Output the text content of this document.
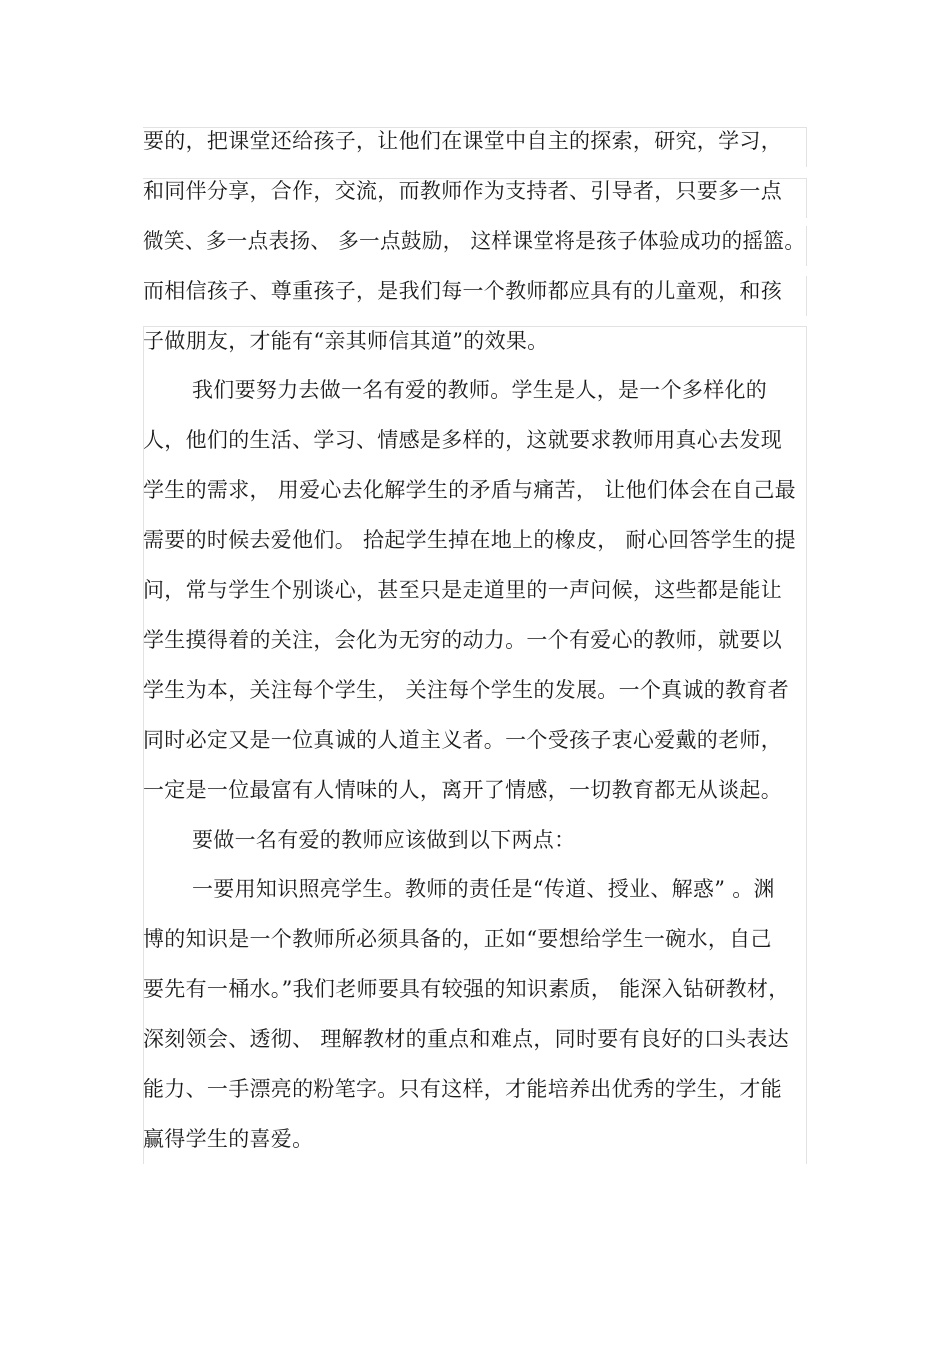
要的，把课堂还给孩子，让他们在课堂中自主的探索，研究，学习，
和同伴分享，合作，交流，而教师作为支持者、引导者，只要多一点
微笑、多一点表扬、 多一点鼓励， 这样课堂将是孩子体验成功的摇篮。
而相信孩子、尊重孩子，是我们每一个教师都应具有的儿童观，和孩
子做朋友，才能有“亲其师信其道”的效果。
我们要努力去做一名有爱的教师。学生是人，是一个多样化的
人，他们的生活、学习、情感是多样的，这就要求教师用真心去发现
学生的需求， 用爱心去化解学生的矛盾与痛苦， 让他们体会在自己最
需要的时候去爱他们。 拾起学生掉在地上的橡皮， 耐心回答学生的提
问，常与学生个别谈心，甚至只是走道里的一声问候，这些都是能让
学生摸得着的关注，会化为无穷的动力。一个有爱心的教师，就要以
学生为本，关注每个学生， 关注每个学生的发展。一个真诚的教育者
同时必定又是一位真诚的人道主义者。一个受孩子衷心爱戴的老师，
一定是一位最富有人情味的人，离开了情感，一切教育都无从谈起。
要做一名有爱的教师应该做到以下两点：
一要用知识照亮学生。教师的责任是“传道、授业、解惑” 。渊
博的知识是一个教师所必须具备的，正如“要想给学生一碗水，自己
要先有一桶水。”我们老师要具有较强的知识素质， 能深入钻研教材，
深刻领会、透彻、 理解教材的重点和难点，同时要有良好的口头表达
能力、一手漂亮的粉笔字。只有这样，才能培养出优秀的学生，才能
赢得学生的喜爱。
